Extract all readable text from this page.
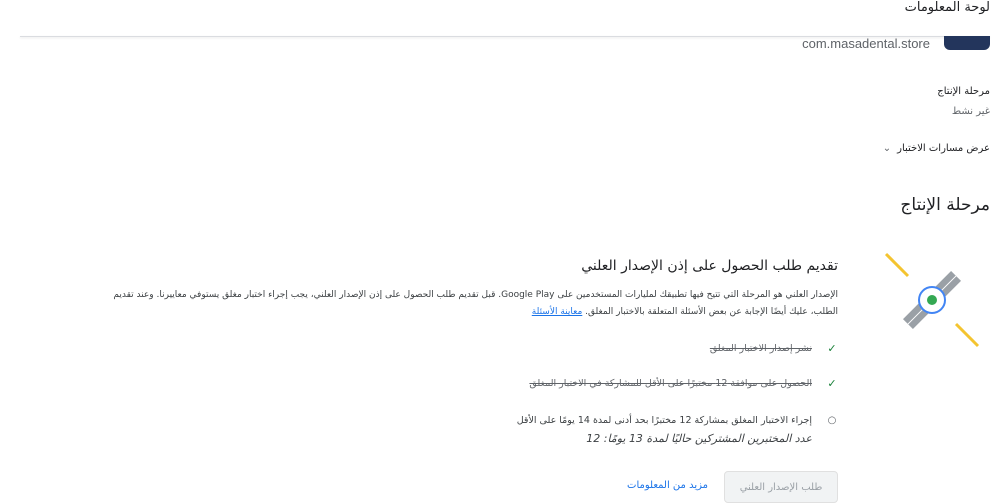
لوحة المعلومات
com.masadental.store
مرحلة الإنتاج
غير نشط
عرض مسارات الاختبار
⌄
مرحلة الإنتاج
تقديم طلب الحصول على إذن الإصدار العلني
الإصدار العلني هو المرحلة التي تتيح فيها تطبيقك لمليارات المستخدمين على Google Play. قبل تقديم طلب الحصول على إذن الإصدار العلني، يجب إجراء اختبار مغلق يستوفي معاييرنا. وعند تقديم الطلب، عليك أيضًا الإجابة عن بعض الأسئلة المتعلقة بالاختبار المغلق. معاينة الأسئلة
✓
نشر إصدار الاختبار المغلق
✓
الحصول على موافقة 12 مختبرًا على الأقل للمشاركة في الاختبار المغلق
○
إجراء الاختبار المغلق بمشاركة 12 مختبرًا بحد أدنى لمدة 14 يومًا على الأقل
عدد المختبرين المشتركين حاليًا لمدة 13 يومًا: 12
طلب الإصدار العلني
مزيد من المعلومات
